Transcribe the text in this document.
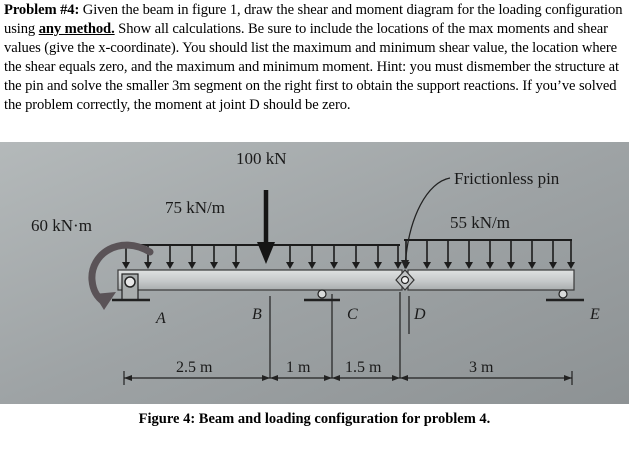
Problem #4: Given the beam in figure 1, draw the shear and moment diagram for the loading configuration using any method. Show all calculations. Be sure to include the locations of the max moments and shear values (give the x-coordinate). You should list the maximum and minimum shear value, the location where the shear equals zero, and the maximum and minimum moment. Hint: you must dismember the structure at the pin and solve the smaller 3m segment on the right first to obtain the support reactions. If you’ve solved the problem correctly, the moment at joint D should be zero.

100 kN
75 kN/m
55 kN/m
60 kN·m
Frictionless pin
A	B	C	D	E
2.5 m	1 m 1.5 m	3 m
Figure 4: Beam and loading configuration for problem 4.
